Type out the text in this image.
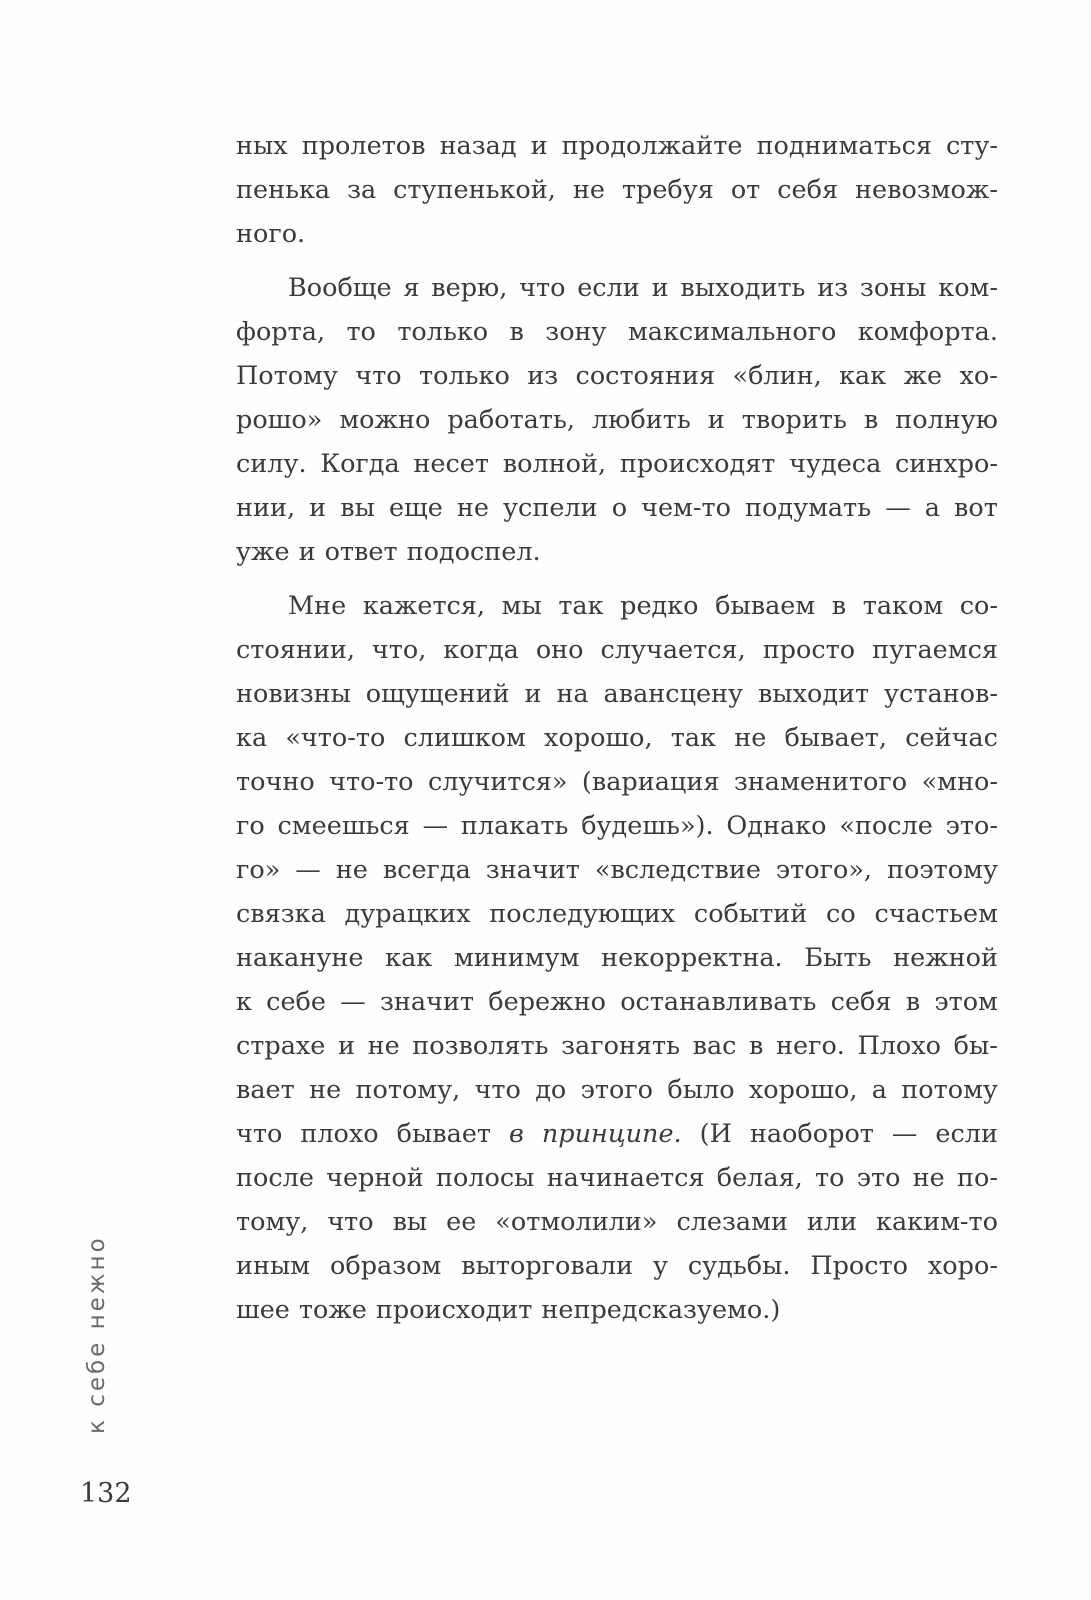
ных пролетов назад и продолжайте подниматься сту-
пенька за ступенькой, не требуя от себя невозмож-
ного.
Вообще я верю, что если и выходить из зоны ком-
форта, то только в зону максимального комфорта.
Потому что только из состояния «блин, как же хо-
рошо» можно работать, любить и творить в полную
силу. Когда несет волной, происходят чудеса синхро-
нии, и вы еще не успели о чем-то подумать — а вот
уже и ответ подоспел.
Мне кажется, мы так редко бываем в таком со-
стоянии, что, когда оно случается, просто пугаемся
новизны ощущений и на авансцену выходит установ-
ка «что-то слишком хорошо, так не бывает, сейчас
точно что-то случится» (вариация знаменитого «мно-
го смеешься — плакать будешь»). Однако «после это-
го» — не всегда значит «вследствие этого», поэтому
связка дурацких последующих событий со счастьем
накануне как минимум некорректна. Быть нежной
к себе — значит бережно останавливать себя в этом
страхе и не позволять загонять вас в него. Плохо бы-
вает не потому, что до этого было хорошо, а потому
что плохо бывает в принципе. (И наоборот — если
после черной полосы начинается белая, то это не по-
тому, что вы ее «отмолили» слезами или каким-то
иным образом выторговали у судьбы. Просто хоро-
шее тоже происходит непредсказуемо.)
к себе нежно
132
